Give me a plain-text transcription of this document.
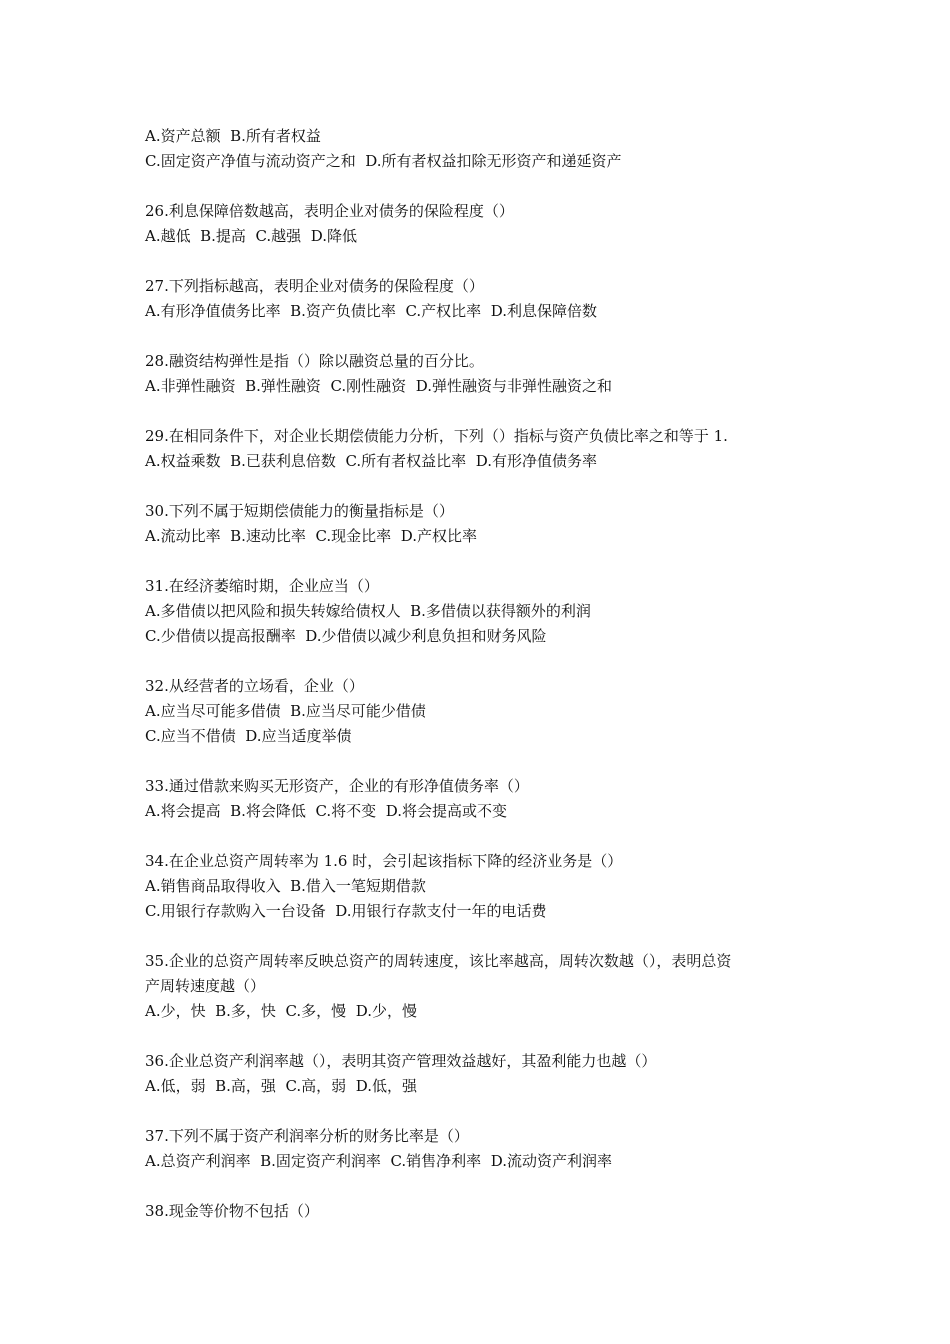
A.资产总额  B.所有者权益
C.固定资产净值与流动资产之和  D.所有者权益扣除无形资产和递延资产
26.利息保障倍数越高，表明企业对债务的保险程度（）
A.越低  B.提高  C.越强  D.降低
27.下列指标越高，表明企业对债务的保险程度（）
A.有形净值债务比率  B.资产负债比率  C.产权比率  D.利息保障倍数
28.融资结构弹性是指（）除以融资总量的百分比。
A.非弹性融资  B.弹性融资  C.刚性融资  D.弹性融资与非弹性融资之和
29.在相同条件下，对企业长期偿债能力分析，下列（）指标与资产负债比率之和等于 1.
A.权益乘数  B.已获利息倍数  C.所有者权益比率  D.有形净值债务率
30.下列不属于短期偿债能力的衡量指标是（）
A.流动比率  B.速动比率  C.现金比率  D.产权比率
31.在经济萎缩时期，企业应当（）
A.多借债以把风险和损失转嫁给债权人  B.多借债以获得额外的利润
C.少借债以提高报酬率  D.少借债以减少利息负担和财务风险
32.从经营者的立场看，企业（）
A.应当尽可能多借债  B.应当尽可能少借债
C.应当不借债  D.应当适度举债
33.通过借款来购买无形资产，企业的有形净值债务率（）
A.将会提高  B.将会降低  C.将不变  D.将会提高或不变
34.在企业总资产周转率为 1.6 时，会引起该指标下降的经济业务是（）
A.销售商品取得收入  B.借入一笔短期借款
C.用银行存款购入一台设备  D.用银行存款支付一年的电话费
35.企业的总资产周转率反映总资产的周转速度，该比率越高，周转次数越（），表明总资
产周转速度越（）
A.少，快  B.多，快  C.多，慢  D.少，慢
36.企业总资产利润率越（），表明其资产管理效益越好，其盈利能力也越（）
A.低，弱  B.高，强  C.高，弱  D.低，强
37.下列不属于资产利润率分析的财务比率是（）
A.总资产利润率  B.固定资产利润率  C.销售净利率  D.流动资产利润率
38.现金等价物不包括（）
